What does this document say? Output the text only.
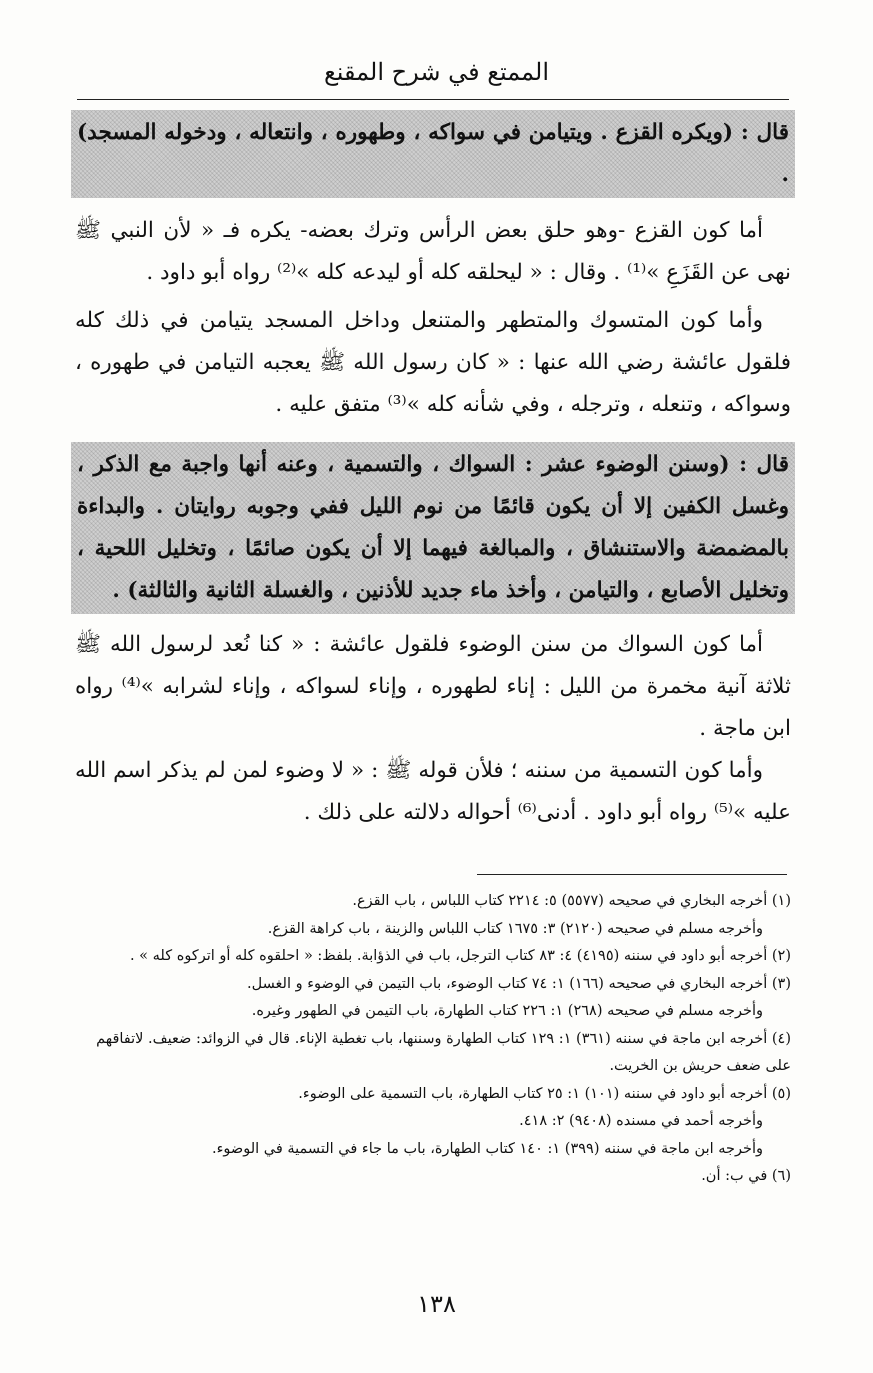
الممتع في شرح المقنع

قال : (ويكره القزع . ويتيامن في سواكه ، وطهوره ، وانتعاله ، ودخوله المسجد) .

أما كون القزع -وهو حلق بعض الرأس وترك بعضه- يكره فـ « لأن النبي ﷺ نهى عن القَزَعِ »⁽¹⁾ . وقال : « ليحلقه كله أو ليدعه كله »⁽²⁾ رواه أبو داود .

وأما كون المتسوك والمتطهر والمتنعل وداخل المسجد يتيامن في ذلك كله فلقول عائشة رضي الله عنها : « كان رسول الله ﷺ يعجبه التيامن في طهوره ، وسواكه ، وتنعله ، وترجله ، وفي شأنه كله »⁽³⁾ متفق عليه .

قال : (وسنن الوضوء عشر : السواك ، والتسمية ، وعنه أنها واجبة مع الذكر ، وغسل الكفين إلا أن يكون قائمًا من نوم الليل ففي وجوبه روايتان . والبداءة بالمضمضة والاستنشاق ، والمبالغة فيهما إلا أن يكون صائمًا ، وتخليل اللحية ، وتخليل الأصابع ، والتيامن ، وأخذ ماء جديد للأذنين ، والغسلة الثانية والثالثة) .

أما كون السواك من سنن الوضوء فلقول عائشة : « كنا نُعد لرسول الله ﷺ ثلاثة آنية مخمرة من الليل : إناء لطهوره ، وإناء لسواكه ، وإناء لشرابه »⁽⁴⁾ رواه ابن ماجة .

وأما كون التسمية من سننه ؛ فلأن قوله ﷺ : « لا وضوء لمن لم يذكر اسم الله عليه »⁽⁵⁾ رواه أبو داود . أدنى⁽⁶⁾ أحواله دلالته على ذلك .

(١) أخرجه البخاري في صحيحه (٥٥٧٧) ٥: ٢٢١٤ كتاب اللباس ، باب القزع.

وأخرجه مسلم في صحيحه (٢١٢٠) ٣: ١٦٧٥ كتاب اللباس والزينة ، باب كراهة القزع.

(٢) أخرجه أبو داود في سننه (٤١٩٥) ٤: ٨٣ كتاب الترجل، باب في الذؤابة. بلفظ: « احلقوه كله أو اتركوه كله » .

(٣) أخرجه البخاري في صحيحه (١٦٦) ١: ٧٤ كتاب الوضوء، باب التيمن في الوضوء و الغسل.

وأخرجه مسلم في صحيحه (٢٦٨) ١: ٢٢٦ كتاب الطهارة، باب التيمن في الطهور وغيره.

(٤) أخرجه ابن ماجة في سننه (٣٦١) ١: ١٢٩ كتاب الطهارة وسننها، باب تغطية الإناء. قال في الزوائد: ضعيف. لاتفاقهم على ضعف حريش بن الخريت.

(٥) أخرجه أبو داود في سننه (١٠١) ١: ٢٥ كتاب الطهارة، باب التسمية على الوضوء.

وأخرجه أحمد في مسنده (٩٤٠٨) ٢: ٤١٨.

وأخرجه ابن ماجة في سننه (٣٩٩) ١: ١٤٠ كتاب الطهارة، باب ما جاء في التسمية في الوضوء.

(٦) في ب: أن.

١٣٨
